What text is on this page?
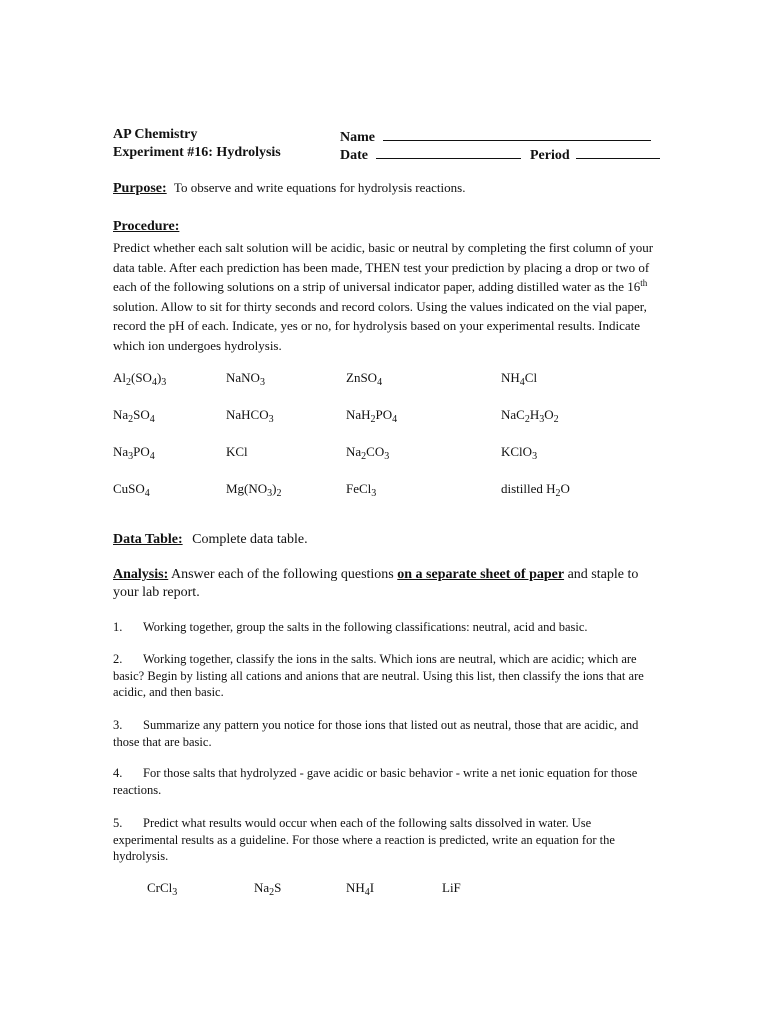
AP Chemistry
Experiment #16: Hydrolysis
Name
Date	Period
Purpose: To observe and write equations for hydrolysis reactions.
Procedure:
Predict whether each salt solution will be acidic, basic or neutral by completing the first column of your data table. After each prediction has been made, THEN test your prediction by placing a drop or two of each of the following solutions on a strip of universal indicator paper, adding distilled water as the 16th solution. Allow to sit for thirty seconds and record colors. Using the values indicated on the vial paper, record the pH of each. Indicate, yes or no, for hydrolysis based on your experimental results. Indicate which ion undergoes hydrolysis.
$Al_2(SO_4)_3$	NaNO$_3$	ZnSO$_4$	$NH_4Cl$
$Na_2SO_4$	NaHCO$_3$	$NaH_2PO_4$	$NaC_2H_3O_2$
$Na_3PO_4$	KCl	$Na_2CO_3$	KClO$_3$
CuSO$_4$	$Mg(NO_3)_2$	FeCl$_3$	distilled $H_2O$
Data Table: Complete data table.
Analysis: Answer each of the following questions on a separate sheet of paper and staple to your lab report.
1. Working together, group the salts in the following classifications: neutral, acid and basic.
2. Working together, classify the ions in the salts. Which ions are neutral, which are acidic; which are basic? Begin by listing all cations and anions that are neutral. Using this list, then classify the ions that are acidic, and then basic.
3. Summarize any pattern you notice for those ions that listed out as neutral, those that are acidic, and those that are basic.
4. For those salts that hydrolyzed - gave acidic or basic behavior - write a net ionic equation for those reactions.
5. Predict what results would occur when each of the following salts dissolved in water. Use experimental results as a guideline. For those where a reaction is predicted, write an equation for the hydrolysis.
CrCl$_3$	$Na_2S$	$NH_4I$	LiF
